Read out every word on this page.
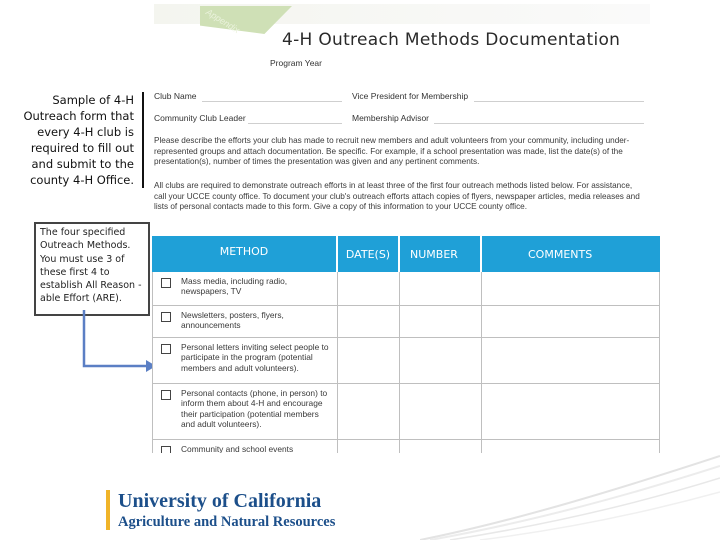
Sample of 4-H Outreach form that every 4-H club is required to fill out and submit to the county 4-H Office.
The four specified Outreach Methods. You must use 3 of these first 4 to establish All Reason -able Effort (ARE).
Appendix
4-H Outreach Methods Documentation
Program Year
Club Name	Vice President for Membership
Community Club Leader	Membership Advisor
Please describe the efforts your club has made to recruit new members and adult volunteers from your community, including under-represented groups and attach documentation. Be specific. For example, if a school presentation was made, list the date(s) of the presentation(s), number of times the presentation was given and any pertinent comments.
All clubs are required to demonstrate outreach efforts in at least three of the first four outreach methods listed below. For assistance, call your UCCE county office. To document your club's outreach efforts attach copies of flyers, newspaper articles, media releases and lists of personal contacts made to this form. Give a copy of this information to your UCCE county office.
METHOD	DATE(S)	NUMBER	COMMENTS
Mass media, including radio, newspapers, TV
Newsletters, posters, flyers, announcements
Personal letters inviting select people to participate in the program (potential members and adult volunteers).
Personal contacts (phone, in person) to inform them about 4-H and encourage their participation (potential members and adult volunteers).
Community and school events
University of California
Agriculture and Natural Resources
